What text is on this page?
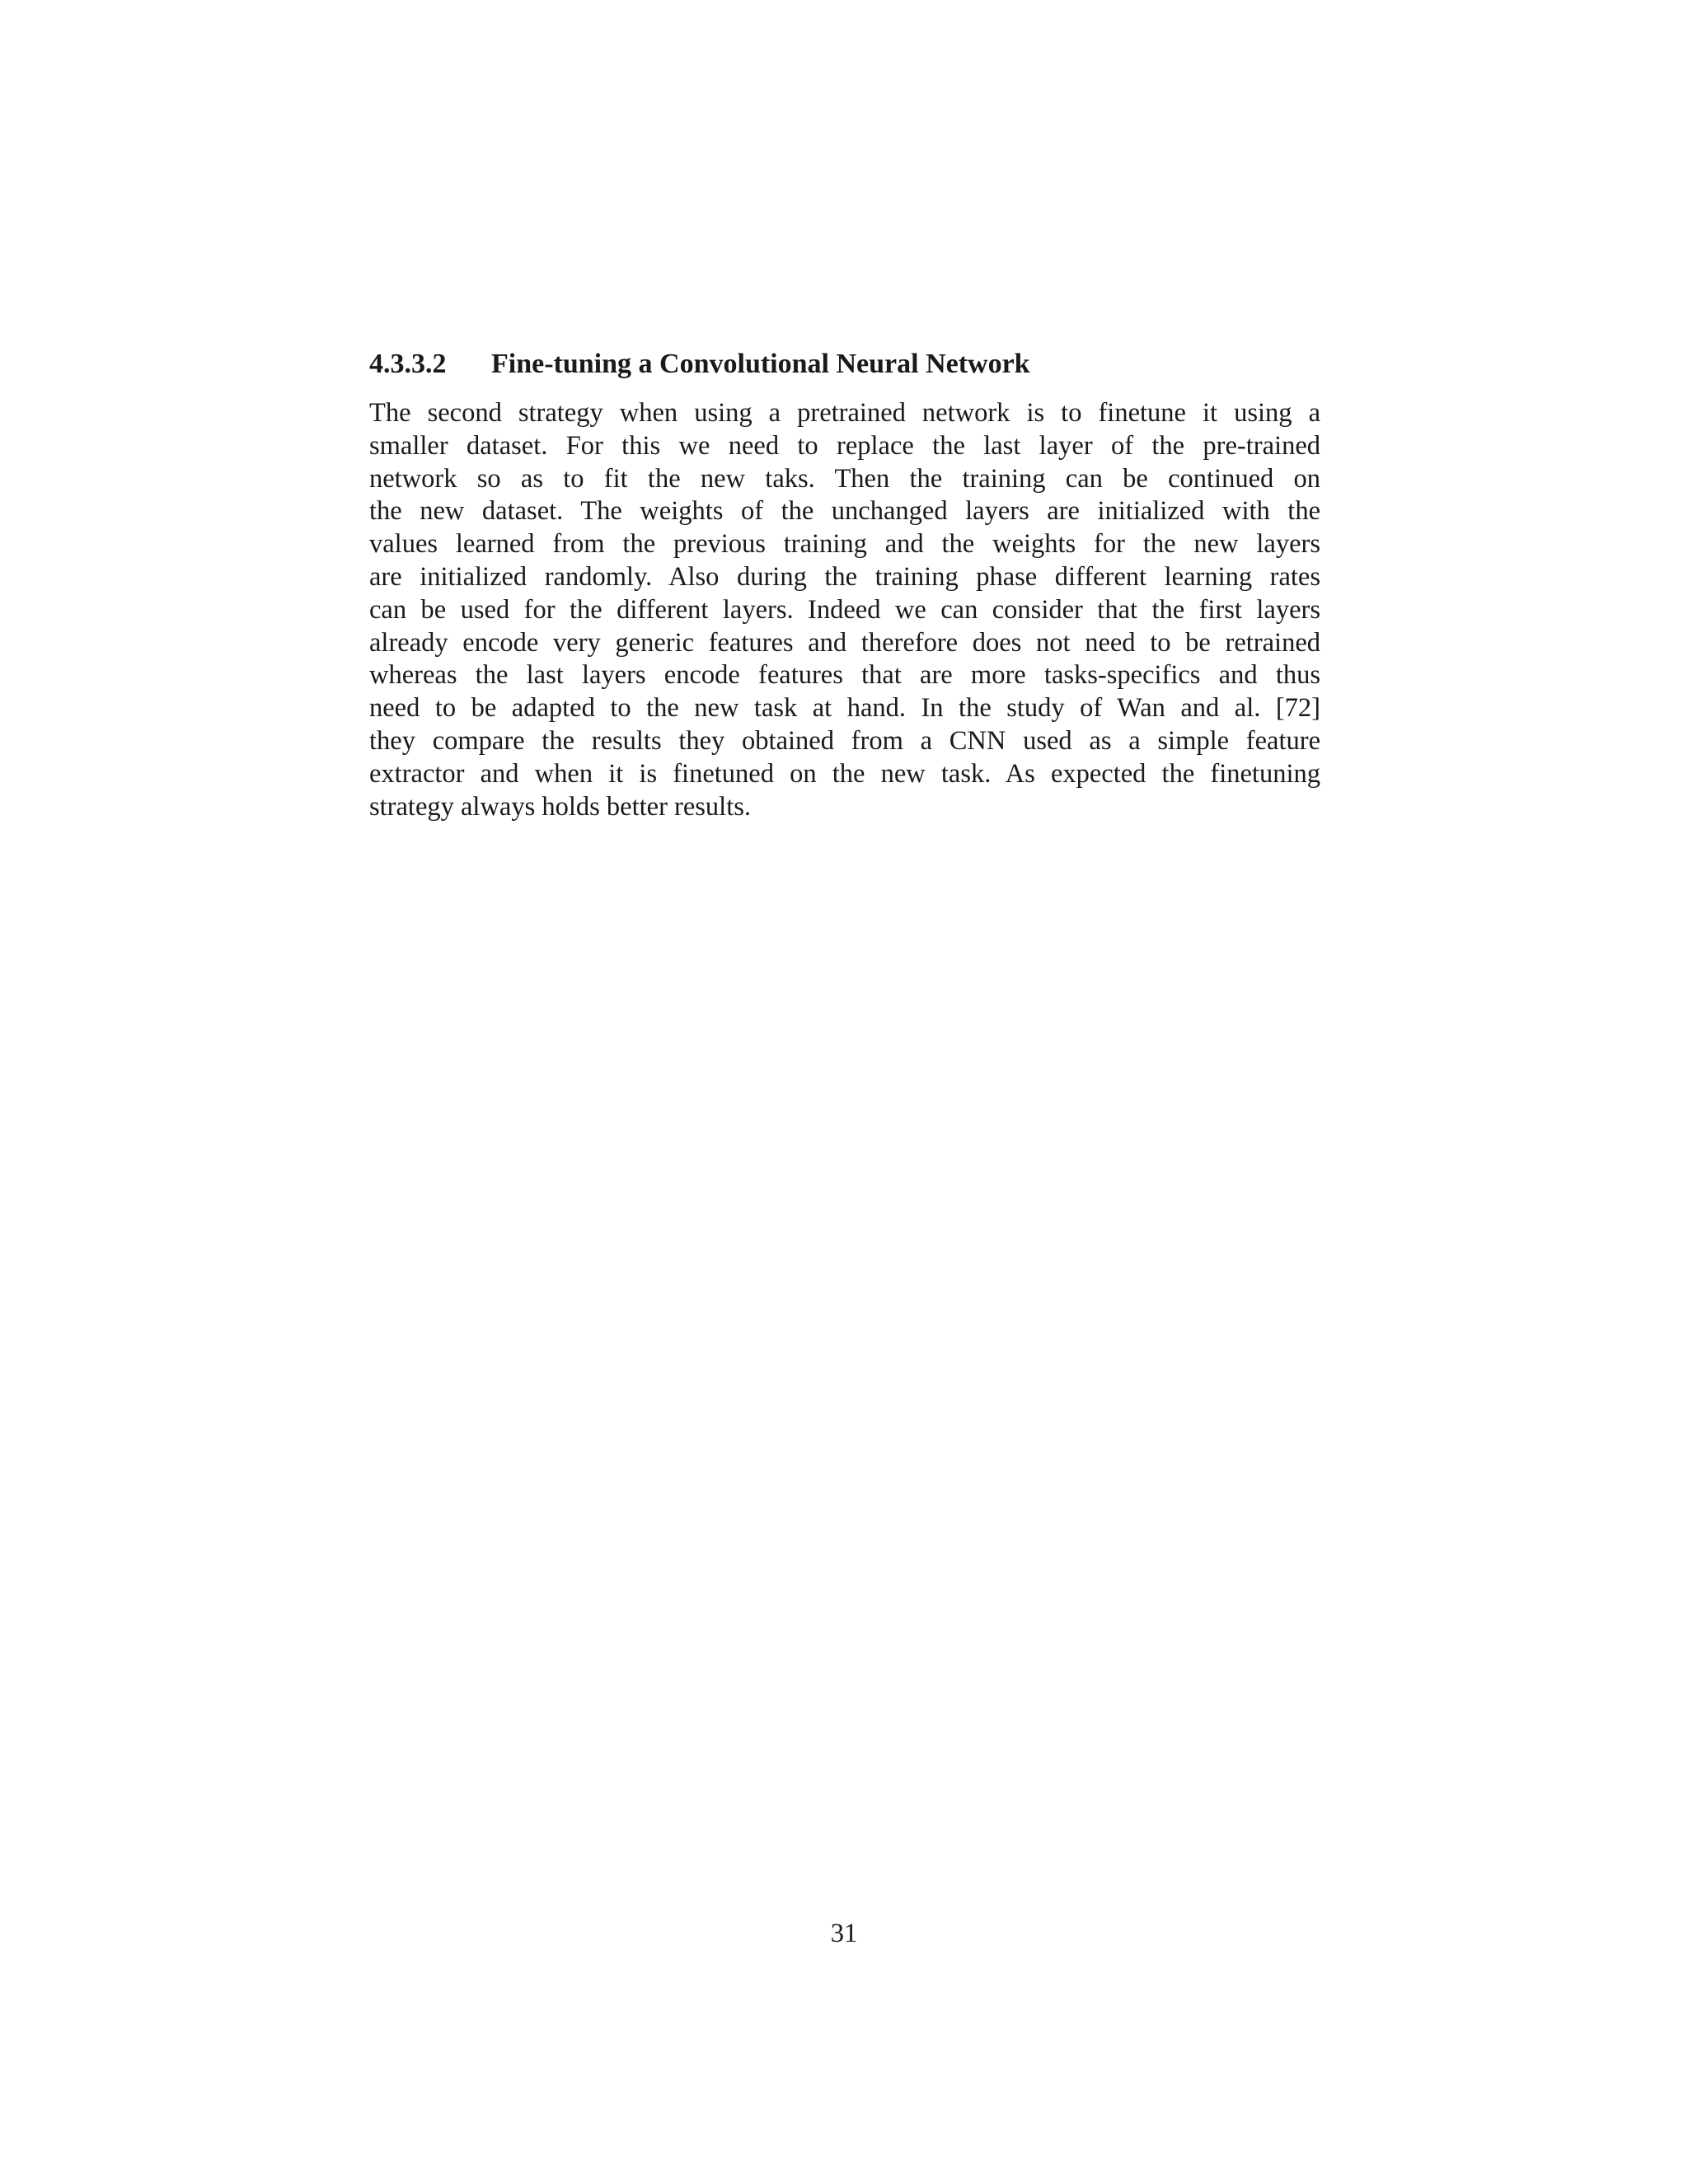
4.3.3.2 Fine-tuning a Convolutional Neural Network
The second strategy when using a pretrained network is to finetune it using a
smaller dataset. For this we need to replace the last layer of the pre-trained
network so as to fit the new taks. Then the training can be continued on
the new dataset. The weights of the unchanged layers are initialized with the
values learned from the previous training and the weights for the new layers
are initialized randomly. Also during the training phase different learning rates
can be used for the different layers. Indeed we can consider that the first layers
already encode very generic features and therefore does not need to be retrained
whereas the last layers encode features that are more tasks-specifics and thus
need to be adapted to the new task at hand. In the study of Wan and al. [72]
they compare the results they obtained from a CNN used as a simple feature
extractor and when it is finetuned on the new task. As expected the finetuning
strategy always holds better results.
31
